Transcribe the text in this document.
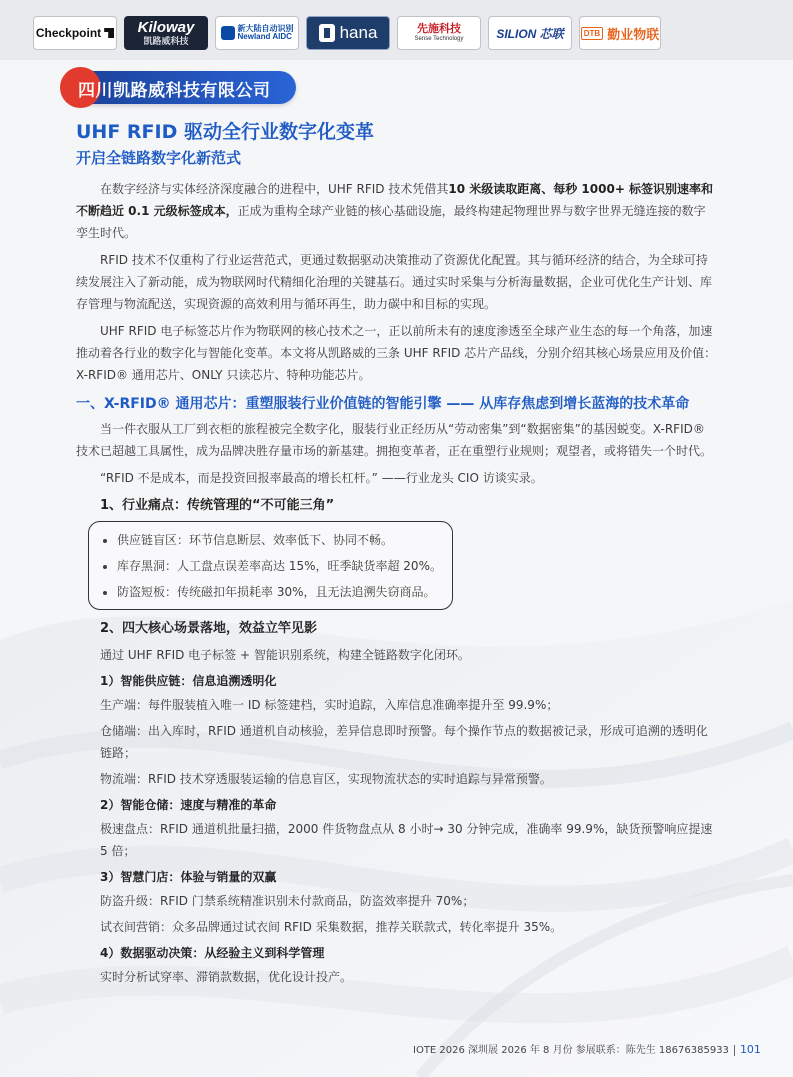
Checkpoint Kiloway
凯路威科技
新大陆自动识别
Newland AIDC	hana	先施科技
Sense Technology	SILION 芯联	DTB 勤业物联
四川凯路威科技有限公司
UHF RFID 驱动全行业数字化变革
开启全链路数字化新范式

在数字经济与实体经济深度融合的进程中，UHF RFID 技术凭借其10 米级读取距离、每秒 1000+ 标签识别速率和不断趋近 0.1 元级标签成本，正成为重构全球产业链的核心基础设施，最终构建起物理世界与数字世界无缝连接的数字孪生时代。

RFID 技术不仅重构了行业运营范式，更通过数据驱动决策推动了资源优化配置。其与循环经济的结合，为全球可持续发展注入了新动能，成为物联网时代精细化治理的关键基石。通过实时采集与分析海量数据，企业可优化生产计划、库存管理与物流配送，实现资源的高效利用与循环再生，助力碳中和目标的实现。

UHF RFID 电子标签芯片作为物联网的核心技术之一，正以前所未有的速度渗透至全球产业生态的每一个角落，加速推动着各行业的数字化与智能化变革。本文将从凯路威的三条 UHF RFID 芯片产品线，分别介绍其核心场景应用及价值：X-RFID® 通用芯片、ONLY 只读芯片、特种功能芯片。

一、X-RFID® 通用芯片：重塑服装行业价值链的智能引擎 —— 从库存焦虑到增长蓝海的技术革命

当一件衣服从工厂到衣柜的旅程被完全数字化，服装行业正经历从“劳动密集”到“数据密集”的基因蜕变。X-RFID® 技术已超越工具属性，成为品牌决胜存量市场的新基建。拥抱变革者，正在重塑行业规则；观望者，或将错失一个时代。

“RFID 不是成本，而是投资回报率最高的增长杠杆。” ——行业龙头 CIO 访谈实录。

1、行业痛点：传统管理的“不可能三角”

• 供应链盲区：环节信息断层、效率低下、协同不畅。
• 库存黑洞：人工盘点误差率高达 15%，旺季缺货率超 20%。
• 防盗短板：传统磁扣年损耗率 30%，且无法追溯失窃商品。

2、四大核心场景落地，效益立竿见影

通过 UHF RFID 电子标签 + 智能识别系统，构建全链路数字化闭环。

1）智能供应链：信息追溯透明化

生产端：每件服装植入唯一 ID 标签建档，实时追踪，入库信息准确率提升至 99.9%；

仓储端：出入库时，RFID 通道机自动核验，差异信息即时预警。每个操作节点的数据被记录，形成可追溯的透明化链路；

物流端：RFID 技术穿透服装运输的信息盲区，实现物流状态的实时追踪与异常预警。

2）智能仓储：速度与精准的革命

极速盘点：RFID 通道机批量扫描，2000 件货物盘点从 8 小时→ 30 分钟完成，准确率 99.9%，缺货预警响应提速 5 倍；

3）智慧门店：体验与销量的双赢

防盗升级：RFID 门禁系统精准识别未付款商品，防盗效率提升 70%；

试衣间营销：众多品牌通过试衣间 RFID 采集数据，推荐关联款式，转化率提升 35%。

4）数据驱动决策：从经验主义到科学管理

实时分析试穿率、滞销款数据，优化设计投产。

IOTE 2026 深圳展 2026 年 8 月份 参展联系：陈先生 18676385933 101
